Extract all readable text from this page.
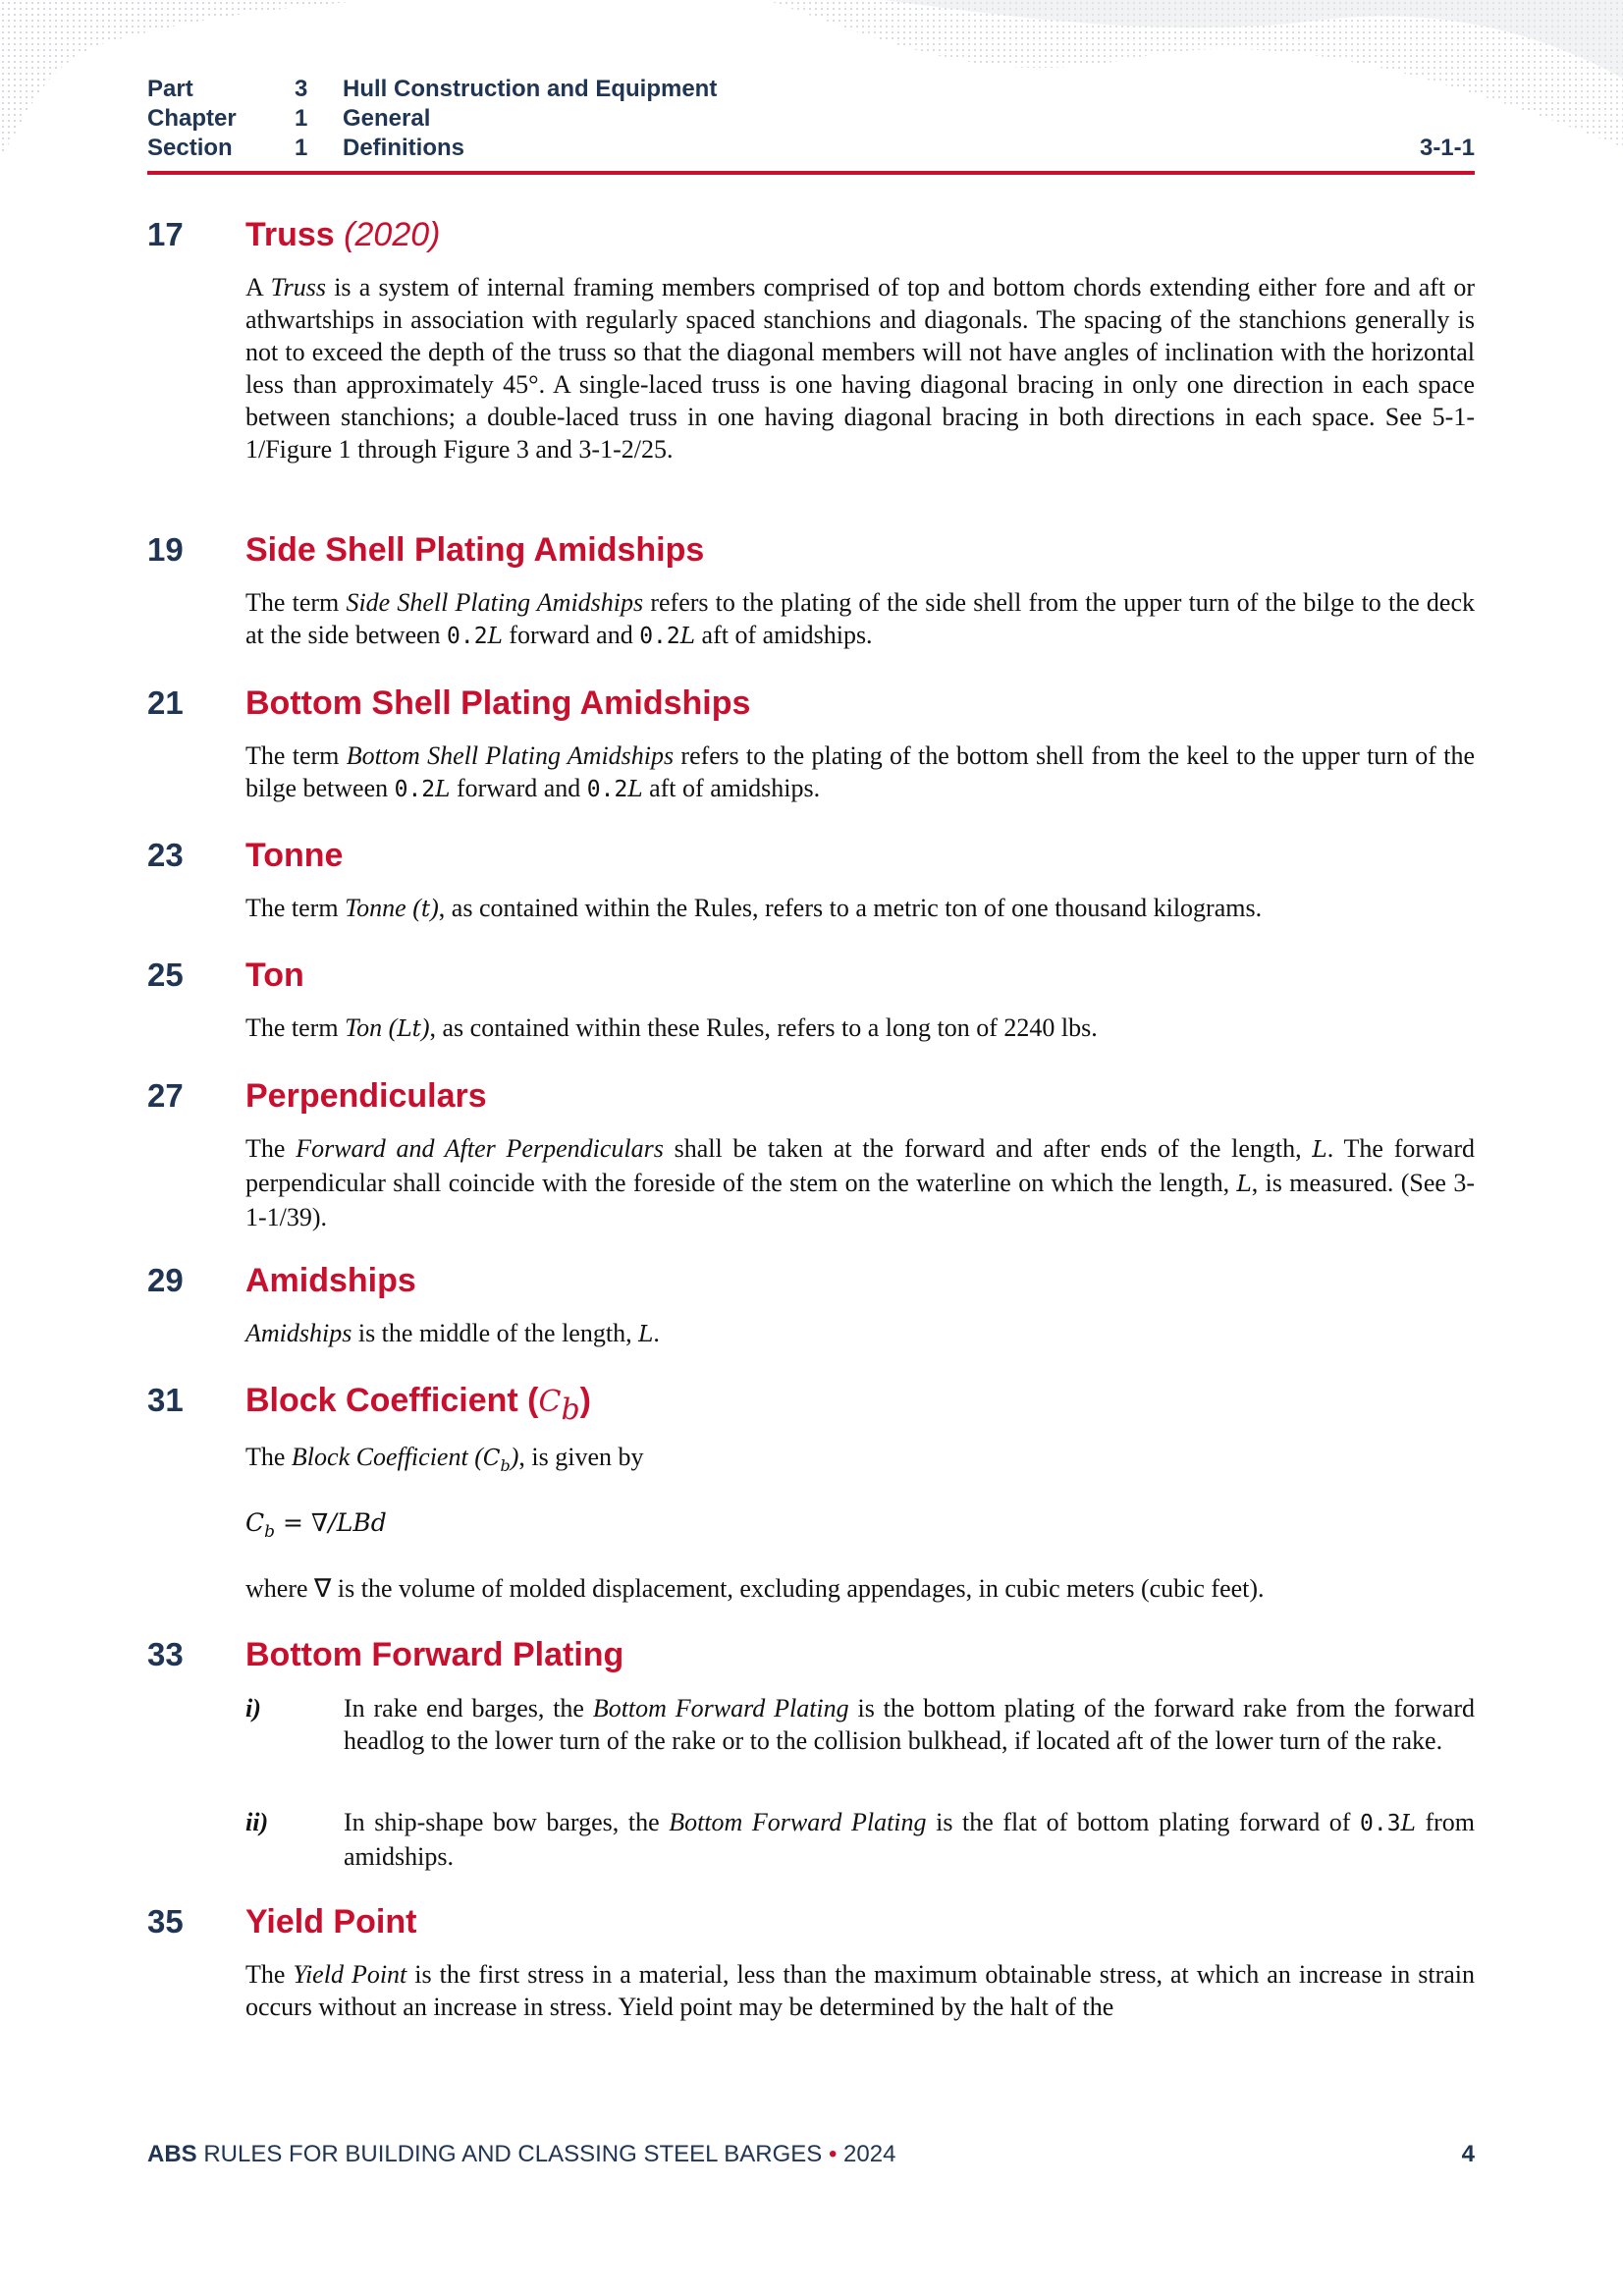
Part	3 Hull Construction and Equipment
Chapter 1 General
Section	1 Definitions	3-1-1
17 Truss (2020)

A Truss is a system of internal framing members comprised of top and bottom chords extending either fore and aft or athwartships in association with regularly spaced stanchions and diagonals. The spacing of the stanchions generally is not to exceed the depth of the truss so that the diagonal members will not have angles of inclination with the horizontal less than approximately 45°. A single-laced truss is one having diagonal bracing in only one direction in each space between stanchions; a double-laced truss in one having diagonal bracing in both directions in each space. See 5-1-1/Figure 1 through Figure 3 and 3-1-2/25.

19 Side Shell Plating Amidships

The term Side Shell Plating Amidships refers to the plating of the side shell from the upper turn of the bilge to the deck at the side between 0.2L forward and 0.2L aft of amidships.

21 Bottom Shell Plating Amidships

The term Bottom Shell Plating Amidships refers to the plating of the bottom shell from the keel to the upper turn of the bilge between 0.2L forward and 0.2L aft of amidships.

23 Tonne

The term Tonne (t), as contained within the Rules, refers to a metric ton of one thousand kilograms.

25 Ton

The term Ton (Lt), as contained within these Rules, refers to a long ton of 2240 lbs.

27 Perpendiculars

The Forward and After Perpendiculars shall be taken at the forward and after ends of the length, L. The forward perpendicular shall coincide with the foreside of the stem on the waterline on which the length, L, is measured. (See 3-1-1/39).

29 Amidships

Amidships is the middle of the length, L.

31 Block Coefficient $(C_b)$

The Block Coefficient $(C_b)$, is given by

$C_b = \nabla/LBd$

where ∇ is the volume of molded displacement, excluding appendages, in cubic meters (cubic feet).

33 Bottom Forward Plating
i)	In rake end barges, the Bottom Forward Plating is the bottom plating of the forward rake from the forward headlog to the lower turn of the rake or to the collision bulkhead, if located aft of the lower turn of the rake.
ii)	In ship-shape bow barges, the Bottom Forward Plating is the flat of bottom plating forward of 0.3L from amidships.
35 Yield Point

The Yield Point is the first stress in a material, less than the maximum obtainable stress, at which an increase in strain occurs without an increase in stress. Yield point may be determined by the halt of the

ABS RULES FOR BUILDING AND CLASSING STEEL BARGES • 2024	4
